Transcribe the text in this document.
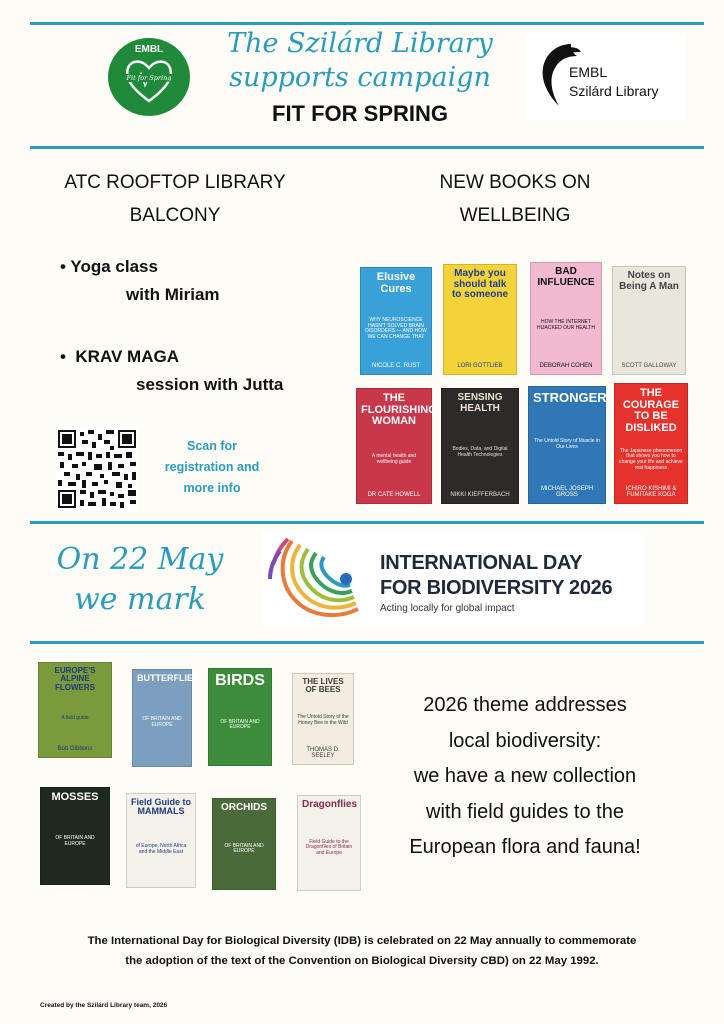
EMBL
Fit for Spring
The Szilárd Library
supports campaign
FIT FOR SPRING
EMBL
Szilárd Library
ATC ROOFTOP LIBRARY
BALCONY
• Yoga class
with Miriam
• KRAV MAGA
session with Jutta
Scan for
registration and
more info
NEW BOOKS ON
WELLBEING
Elusive Cures
WHY NEUROSCIENCE HASN'T SOLVED BRAIN DISORDERS — AND HOW WE CAN CHANGE THAT
NICOLE C. RUST
Maybe you should talk to someone
LORI GOTTLIEB
BAD INFLUENCE
HOW THE INTERNET HIJACKED OUR HEALTH
DEBORAH COHEN
Notes on Being A Man
SCOTT GALLOWAY
THE FLOURISHING WOMAN
A mental health and wellbeing guide
DR CATE HOWELL
SENSING HEALTH
Bodies, Data, and Digital Health Technologies
NIKKI KIEFFERBACH
STRONGER
The Untold Story of Muscle in Our Lives
MICHAEL JOSEPH GROSS
THE COURAGE TO BE DISLIKED
The Japanese phenomenon that shows you how to change your life and achieve real happiness
ICHIRO KISHIMI & FUMITAKE KOGA
On 22 May
we mark
INTERNATIONAL DAY
FOR BIODIVERSITY 2026
Acting locally for global impact
EUROPE'S ALPINE FLOWERS
A field guide
Bob Gibbons
BUTTERFLIES
OF BRITAIN AND EUROPE
BIRDS
OF BRITAIN AND EUROPE
THE LIVES OF BEES
The Untold Story of the Honey Bee in the Wild
THOMAS D. SEELEY
MOSSES
OF BRITAIN AND EUROPE
Field Guide to MAMMALS
of Europe, North Africa and the Middle East
ORCHIDS
OF BRITAIN AND EUROPE
Dragonflies
Field Guide to the Dragonflies of Britain and Europe
2026 theme addresses
local biodiversity:
we have a new collection
with field guides to the
European flora and fauna!
The International Day for Biological Diversity (IDB) is celebrated on 22 May annually to commemorate
the adoption of the text of the Convention on Biological Diversity CBD) on 22 May 1992.
Created by the Szilárd Library team, 2026
